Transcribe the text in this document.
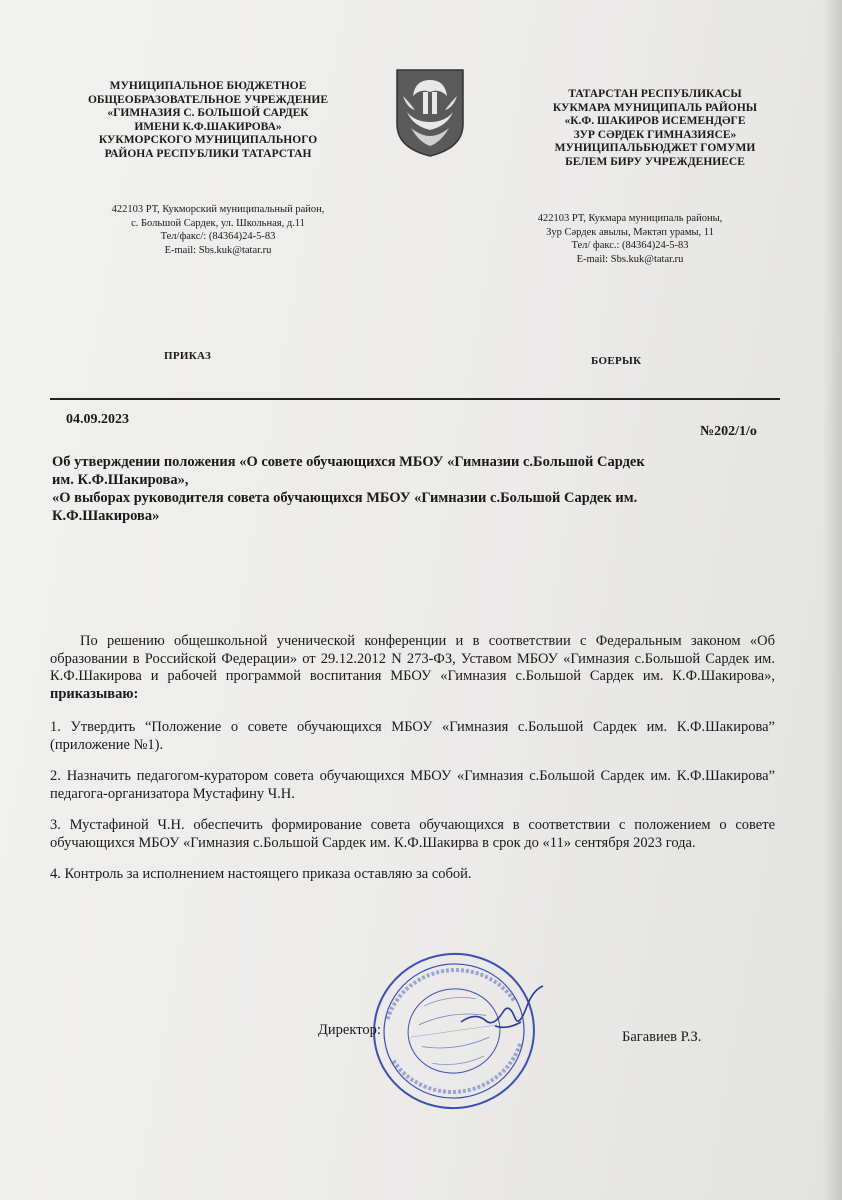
МУНИЦИПАЛЬНОЕ БЮДЖЕТНОЕ
ОБЩЕОБРАЗОВАТЕЛЬНОЕ УЧРЕЖДЕНИЕ
«ГИМНАЗИЯ С. БОЛЬШОЙ САРДЕК
ИМЕНИ К.Ф.ШАКИРОВА»
КУКМОРСКОГО МУНИЦИПАЛЬНОГО
РАЙОНА РЕСПУБЛИКИ ТАТАРСТАН
ТАТАРСТАН РЕСПУБЛИКАСЫ
КУКМАРА МУНИЦИПАЛЬ РАЙОНЫ
«К.Ф. ШАКИРОВ ИСЕМЕНДӘГЕ
ЗУР СӘРДЕК ГИМНАЗИЯСЕ»
МУНИЦИПАЛЬБЮДЖЕТ ГОМУМИ
БЕЛЕМ БИРУ УЧРЕЖДЕНИЕСЕ
422103 РТ, Кукморский муниципальный район,
с. Большой Сардек, ул. Школьная, д.11
Тел/факс/: (84364)24-5-83
E-mail: Sbs.kuk@tatar.ru
422103 РТ, Кукмара муниципаль районы,
Зур Сәрдек авылы, Мәктәп урамы, 11
Тел/ факс.: (84364)24-5-83
E-mail: Sbs.kuk@tatar.ru
ПРИКАЗ	БОЕРЫК
04.09.2023
№202/1/о
Об утверждении положения «О совете обучающихся МБОУ «Гимназии с.Большой Сардек
им. К.Ф.Шакирова»,
«О выборах руководителя совета обучающихся МБОУ «Гимназии с.Большой Сардек им.
К.Ф.Шакирова»

По решению общешкольной ученической конференции и в соответствии с Федеральным законом «Об образовании в Российской Федерации» от 29.12.2012 N 273-ФЗ, Уставом МБОУ «Гимназия с.Большой Сардек им. К.Ф.Шакирова и рабочей программой воспитания МБОУ «Гимназия с.Большой Сардек им. К.Ф.Шакирова», приказываю:

1. Утвердить “Положение о совете обучающихся МБОУ «Гимназия с.Большой Сардек им. К.Ф.Шакирова” (приложение №1).

2. Назначить педагогом-куратором совета обучающихся МБОУ «Гимназия с.Большой Сардек им. К.Ф.Шакирова” педагога-организатора Мустафину Ч.Н.

3. Мустафиной Ч.Н. обеспечить формирование совета обучающихся в соответствии с положением о совете обучающихся МБОУ «Гимназия с.Большой Сардек им. К.Ф.Шакирва в срок до «11» сентября 2023 года.

4. Контроль за исполнением настоящего приказа оставляю за собой.

Директор:	Багавиев Р.З.
